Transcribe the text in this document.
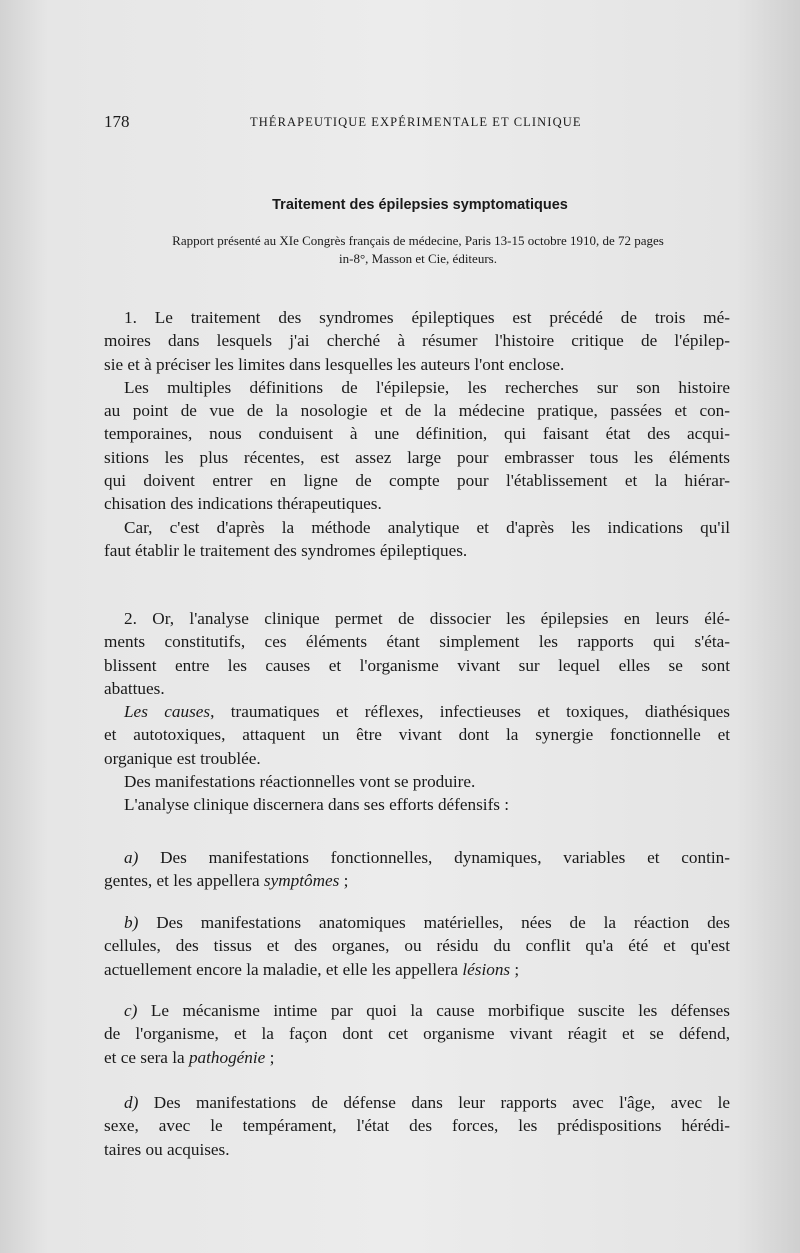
178	THÉRAPEUTIQUE EXPÉRIMENTALE ET CLINIQUE
Traitement des épilepsies symptomatiques
Rapport présenté au XIe Congrès français de médecine, Paris 13-15 octobre 1910, de 72 pages
in-8°, Masson et Cie, éditeurs.
1. Le traitement des syndromes épileptiques est précédé de trois mé-
moires dans lesquels j'ai cherché à résumer l'histoire critique de l'épilep-
sie et à préciser les limites dans lesquelles les auteurs l'ont enclose.
Les multiples définitions de l'épilepsie, les recherches sur son histoire
au point de vue de la nosologie et de la médecine pratique, passées et con-
temporaines, nous conduisent à une définition, qui faisant état des acqui-
sitions les plus récentes, est assez large pour embrasser tous les éléments
qui doivent entrer en ligne de compte pour l'établissement et la hiérar-
chisation des indications thérapeutiques.
Car, c'est d'après la méthode analytique et d'après les indications qu'il
faut établir le traitement des syndromes épileptiques.
2. Or, l'analyse clinique permet de dissocier les épilepsies en leurs élé-
ments constitutifs, ces éléments étant simplement les rapports qui s'éta-
blissent entre les causes et l'organisme vivant sur lequel elles se sont
abattues.
Les causes, traumatiques et réflexes, infectieuses et toxiques, diathésiques
et autotoxiques, attaquent un être vivant dont la synergie fonctionnelle et
organique est troublée.
Des manifestations réactionnelles vont se produire.
L'analyse clinique discernera dans ses efforts défensifs :
a) Des manifestations fonctionnelles, dynamiques, variables et contin-
gentes, et les appellera symptômes ;
b) Des manifestations anatomiques matérielles, nées de la réaction des
cellules, des tissus et des organes, ou résidu du conflit qu'a été et qu'est
actuellement encore la maladie, et elle les appellera lésions ;
c) Le mécanisme intime par quoi la cause morbifique suscite les défenses
de l'organisme, et la façon dont cet organisme vivant réagit et se défend,
et ce sera la pathogénie ;
d) Des manifestations de défense dans leur rapports avec l'âge, avec le
sexe, avec le tempérament, l'état des forces, les prédispositions hérédi-
taires ou acquises.
